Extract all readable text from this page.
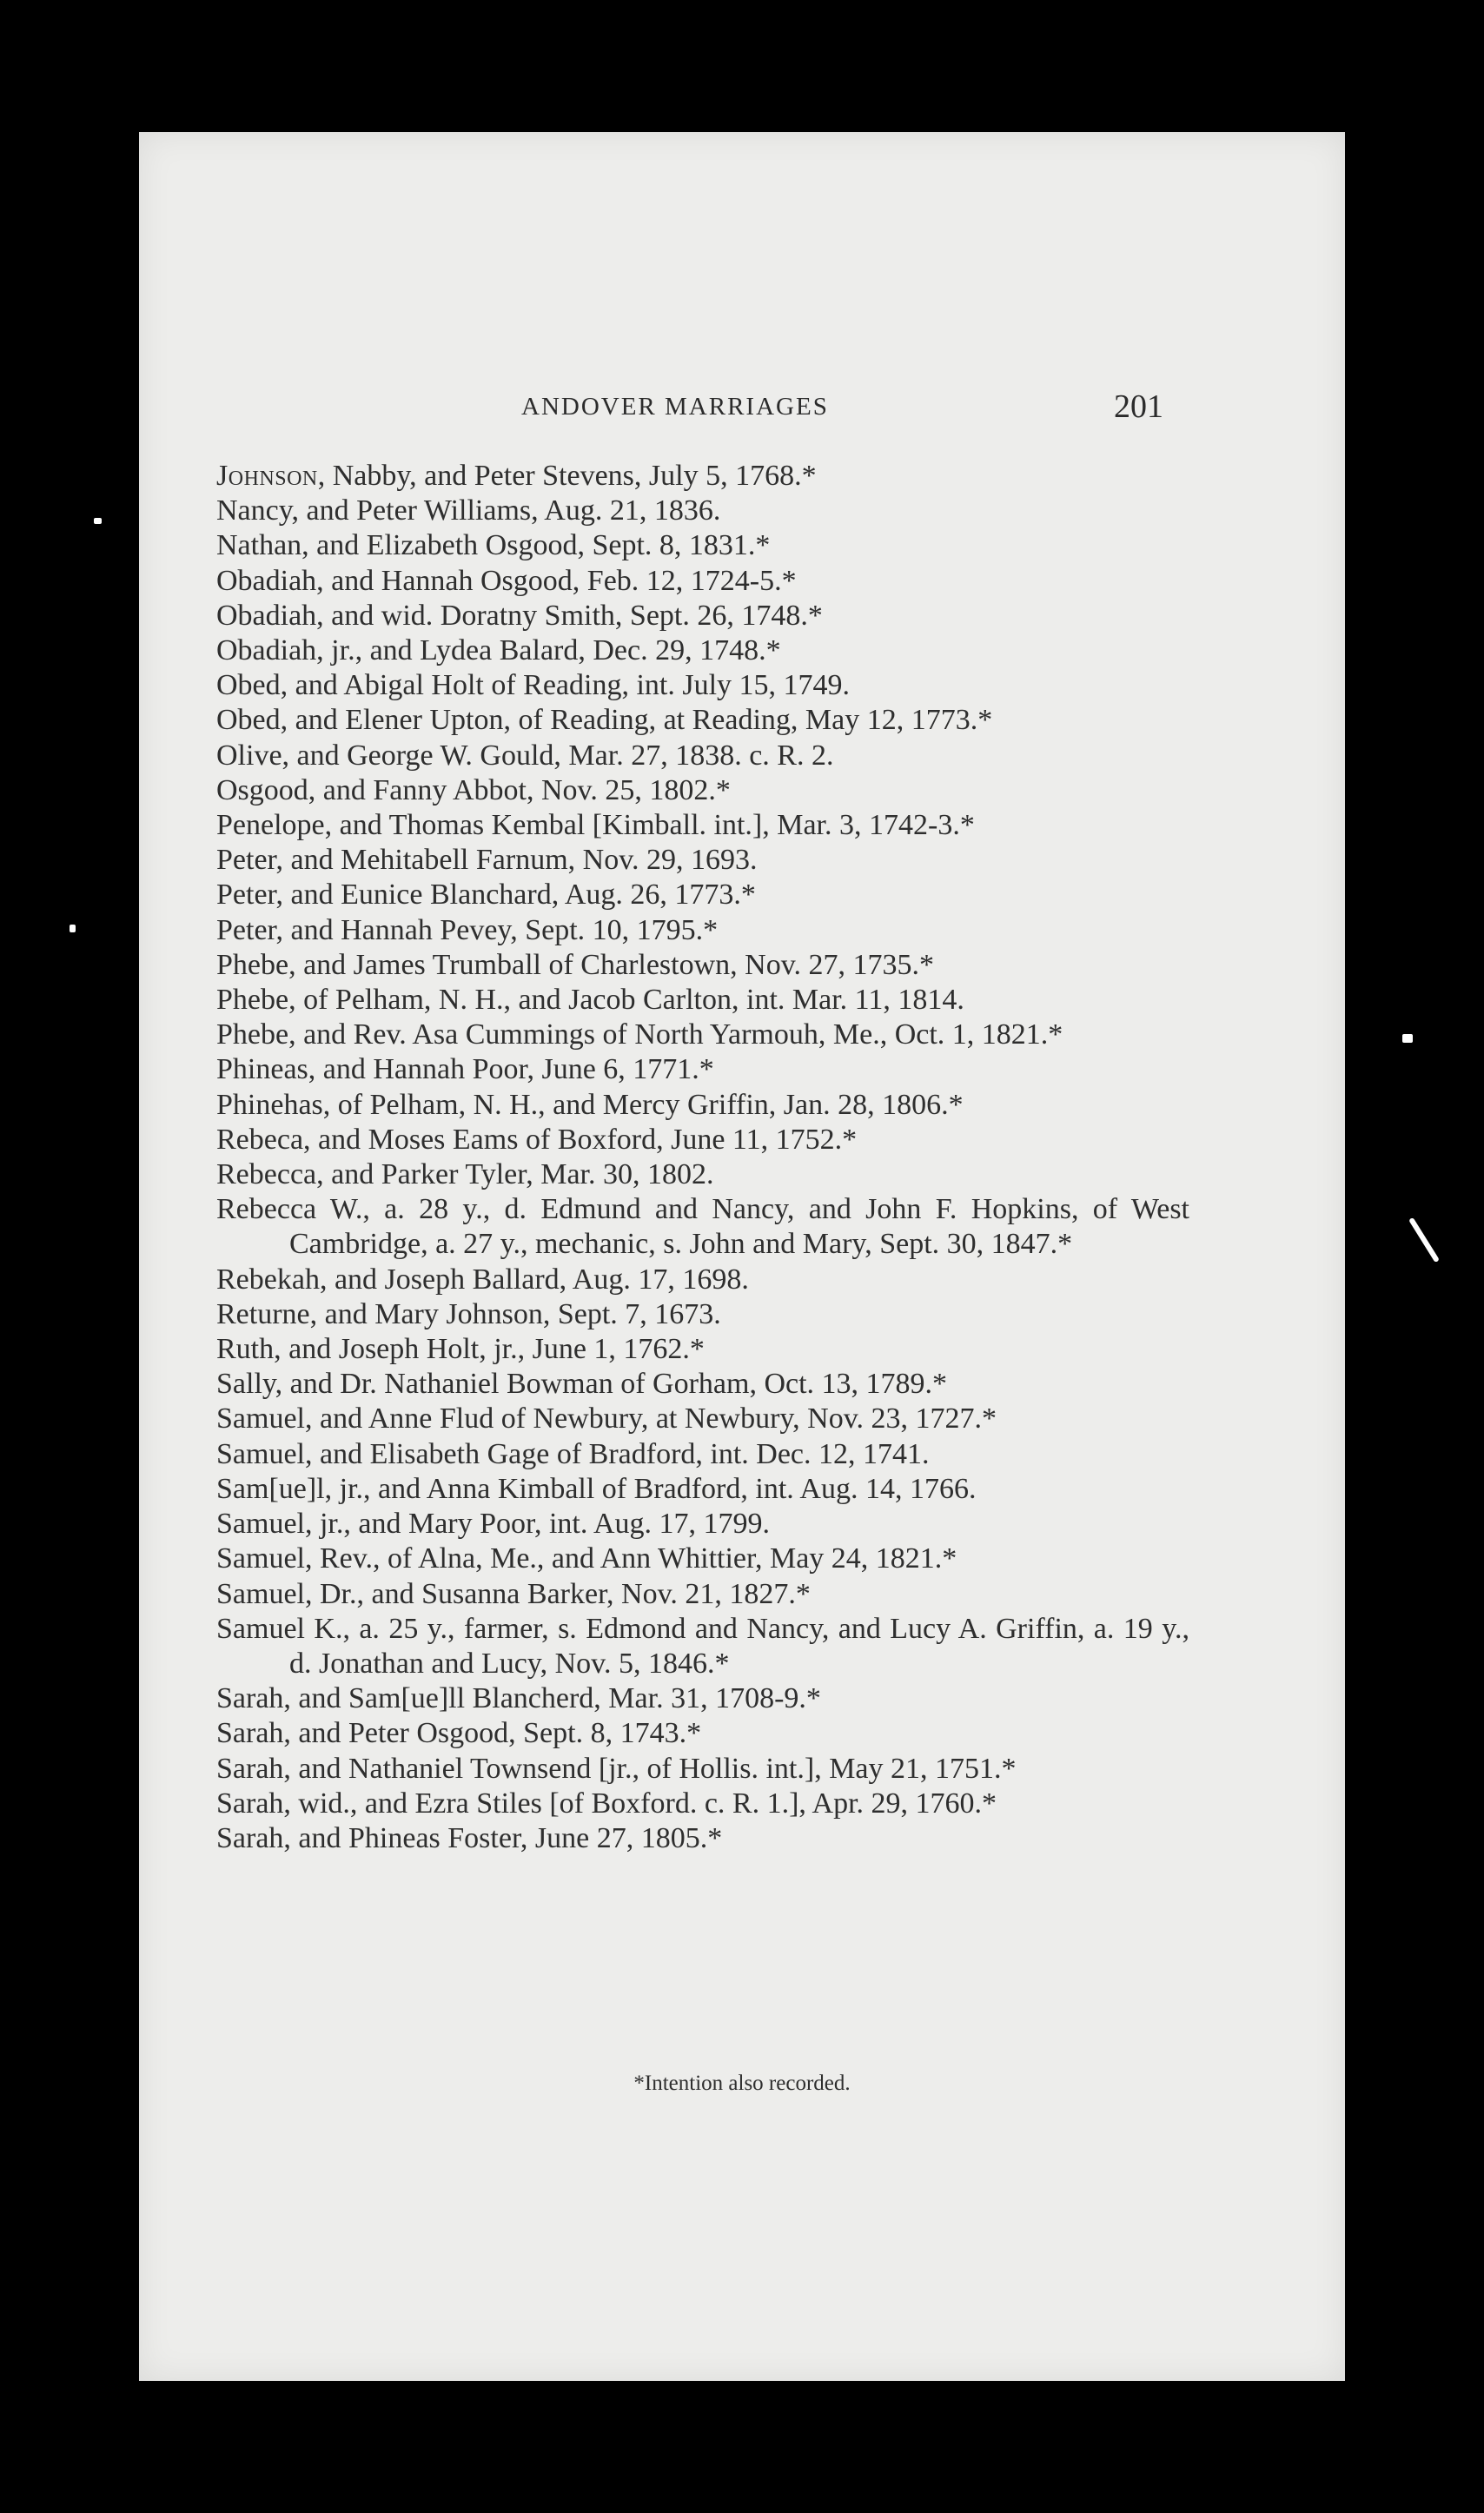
ANDOVER MARRIAGES	201
Johnson, Nabby, and Peter Stevens, July 5, 1768.*
Nancy, and Peter Williams, Aug. 21, 1836.
Nathan, and Elizabeth Osgood, Sept. 8, 1831.*
Obadiah, and Hannah Osgood, Feb. 12, 1724-5.*
Obadiah, and wid. Doratny Smith, Sept. 26, 1748.*
Obadiah, jr., and Lydea Balard, Dec. 29, 1748.*
Obed, and Abigal Holt of Reading, int. July 15, 1749.
Obed, and Elener Upton, of Reading, at Reading, May 12, 1773.*
Olive, and George W. Gould, Mar. 27, 1838. c. R. 2.
Osgood, and Fanny Abbot, Nov. 25, 1802.*
Penelope, and Thomas Kembal [Kimball. int.], Mar. 3, 1742-3.*
Peter, and Mehitabell Farnum, Nov. 29, 1693.
Peter, and Eunice Blanchard, Aug. 26, 1773.*
Peter, and Hannah Pevey, Sept. 10, 1795.*
Phebe, and James Trumball of Charlestown, Nov. 27, 1735.*
Phebe, of Pelham, N. H., and Jacob Carlton, int. Mar. 11, 1814.
Phebe, and Rev. Asa Cummings of North Yarmouh, Me., Oct. 1, 1821.*
Phineas, and Hannah Poor, June 6, 1771.*
Phinehas, of Pelham, N. H., and Mercy Griffin, Jan. 28, 1806.*
Rebeca, and Moses Eams of Boxford, June 11, 1752.*
Rebecca, and Parker Tyler, Mar. 30, 1802.
Rebecca W., a. 28 y., d. Edmund and Nancy, and John F. Hopkins, of West Cambridge, a. 27 y., mechanic, s. John and Mary, Sept. 30, 1847.*
Rebekah, and Joseph Ballard, Aug. 17, 1698.
Returne, and Mary Johnson, Sept. 7, 1673.
Ruth, and Joseph Holt, jr., June 1, 1762.*
Sally, and Dr. Nathaniel Bowman of Gorham, Oct. 13, 1789.*
Samuel, and Anne Flud of Newbury, at Newbury, Nov. 23, 1727.*
Samuel, and Elisabeth Gage of Bradford, int. Dec. 12, 1741.
Sam[ue]l, jr., and Anna Kimball of Bradford, int. Aug. 14, 1766.
Samuel, jr., and Mary Poor, int. Aug. 17, 1799.
Samuel, Rev., of Alna, Me., and Ann Whittier, May 24, 1821.*
Samuel, Dr., and Susanna Barker, Nov. 21, 1827.*
Samuel K., a. 25 y., farmer, s. Edmond and Nancy, and Lucy A. Griffin, a. 19 y., d. Jonathan and Lucy, Nov. 5, 1846.*
Sarah, and Sam[ue]ll Blancherd, Mar. 31, 1708-9.*
Sarah, and Peter Osgood, Sept. 8, 1743.*
Sarah, and Nathaniel Townsend [jr., of Hollis. int.], May 21, 1751.*
Sarah, wid., and Ezra Stiles [of Boxford. c. R. 1.], Apr. 29, 1760.*
Sarah, and Phineas Foster, June 27, 1805.*
*Intention also recorded.
